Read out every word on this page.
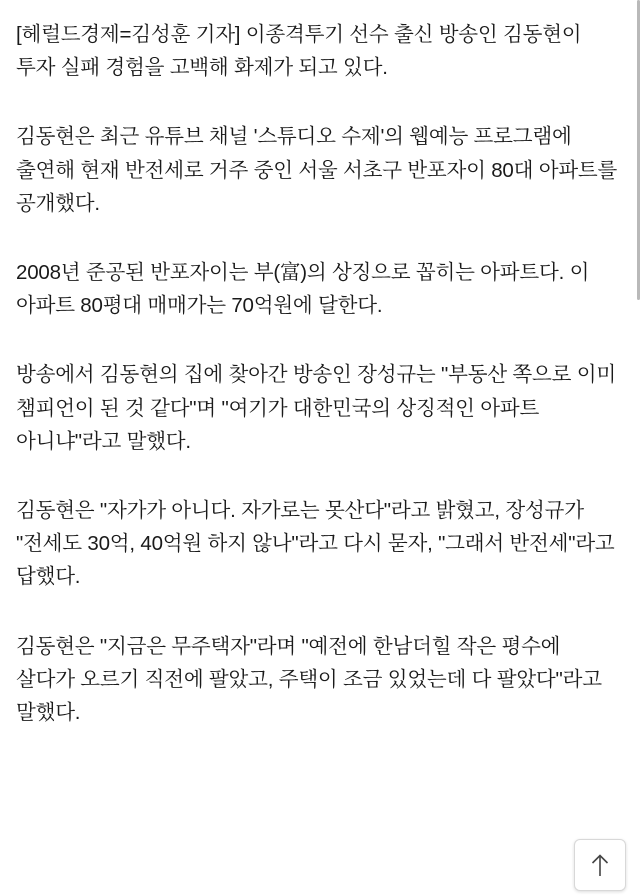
[헤럴드경제=김성훈 기자] 이종격투기 선수 출신 방송인 김동현이 투자 실패 경험을 고백해 화제가 되고 있다.

김동현은 최근 유튜브 채널 '스튜디오 수제'의 웹예능 프로그램에 출연해 현재 반전세로 거주 중인 서울 서초구 반포자이 80대 아파트를 공개했다.

2008년 준공된 반포자이는 부(富)의 상징으로 꼽히는 아파트다. 이 아파트 80평대 매매가는 70억원에 달한다.

방송에서 김동현의 집에 찾아간 방송인 장성규는 "부동산 쪽으로 이미 챔피언이 된 것 같다"며 "여기가 대한민국의 상징적인 아파트 아니냐"라고 말했다.

김동현은 "자가가 아니다. 자가로는 못산다"라고 밝혔고, 장성규가 "전세도 30억, 40억원 하지 않나"라고 다시 묻자, "그래서 반전세"라고 답했다.

김동현은 "지금은 무주택자"라며 "예전에 한남더힐 작은 평수에 살다가 오르기 직전에 팔았고, 주택이 조금 있었는데 다 팔았다"라고 말했다.
